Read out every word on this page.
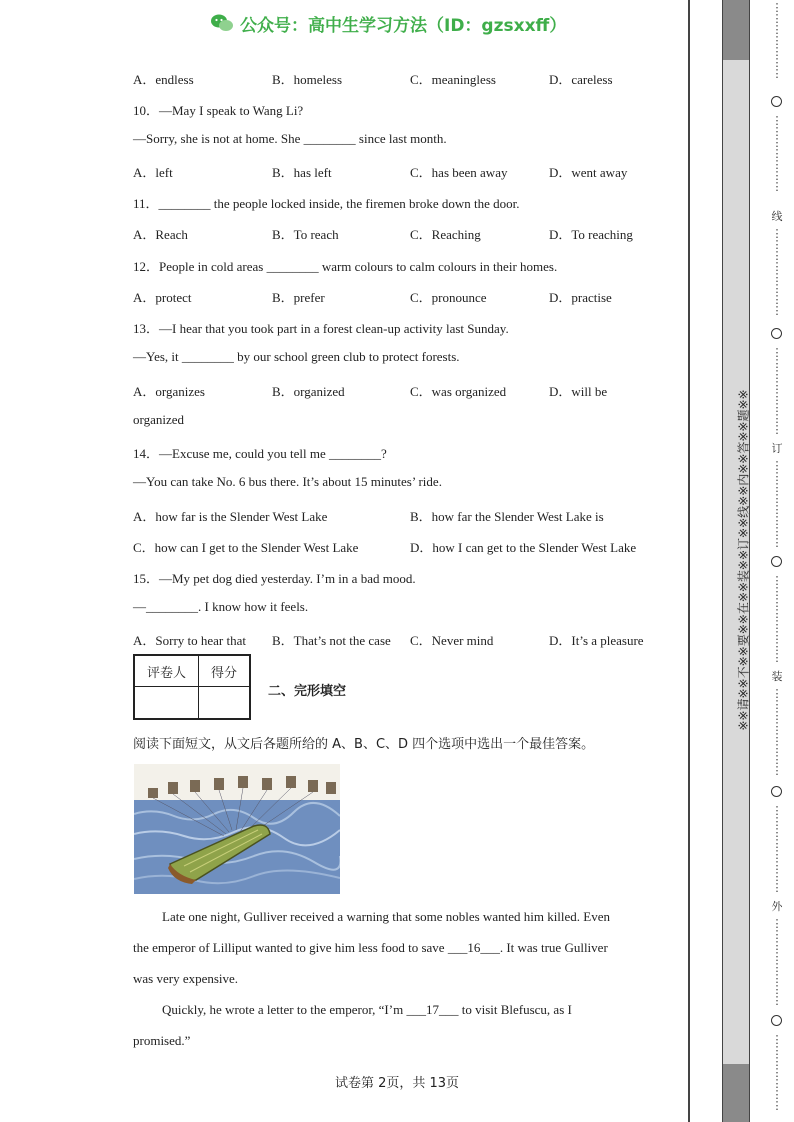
公众号：高中生学习方法（ID：gzsxxff）
A．endless	B．homeless	C．meaningless	D．careless
10．—May I speak to Wang Li?
—Sorry, she is not at home. She ________ since last month.
A．left	B．has left	C．has been away	D．went away
11．________ the people locked inside, the firemen broke down the door.
A．Reach	B．To reach	C．Reaching	D．To reaching
12．People in cold areas ________ warm colours to calm colours in their homes.
A．protect	B．prefer	C．pronounce	D．practise
13．—I hear that you took part in a forest clean-up activity last Sunday.
—Yes, it ________ by our school green club to protect forests.
A．organizes	B．organized	C．was organized	D．will be
organized
14．—Excuse me, could you tell me ________?
—You can take No. 6 bus there. It’s about 15 minutes’ ride.
A．how far is the Slender West Lake	B．how far the Slender West Lake is
C．how can I get to the Slender West Lake	D．how I can get to the Slender West Lake
15．—My pet dog died yesterday. I’m in a bad mood.
—________. I know how it feels.
A．Sorry to hear that B．That’s not the case C．Never mind	D．It’s a pleasure
评卷人	得分
二、完形填空
阅读下面短文，从文后各题所给的 A、B、C、D 四个选项中选出一个最佳答案。
Late one night, Gulliver received a warning that some nobles wanted him killed. Even
the emperor of Lilliput wanted to give him less food to save ___16___. It was true Gulliver
was very expensive.
Quickly, he wrote a letter to the emperor, “I’m ___17___ to visit Blefuscu, as I
promised.”
试卷第 2页，共 13页
⋮
⋮
⋮
⋮
⋮
⋮
⋮
⋮
⋮
⋮
⋮
⋮
⋮
⋮
线
⋮
⋮
⋮
⋮
⋮
⋮
⋮
⋮
⋮
⋮
⋮
⋮
⋮
⋮
⋮
⋮
订
⋮
⋮
⋮
⋮
⋮
⋮
⋮
⋮
⋮
⋮
⋮
⋮
⋮
⋮
⋮
⋮
装
⋮
⋮
⋮
⋮
⋮
⋮
⋮
⋮
⋮
⋮
⋮
⋮
⋮
⋮
⋮
⋮
外
⋮
⋮
⋮
⋮
⋮
⋮
⋮
⋮
⋮
⋮
⋮
⋮
⋮
⋮
⋮
※※请※※不※※要※※在※※装※※订※※线※※内※※答※※题※※
